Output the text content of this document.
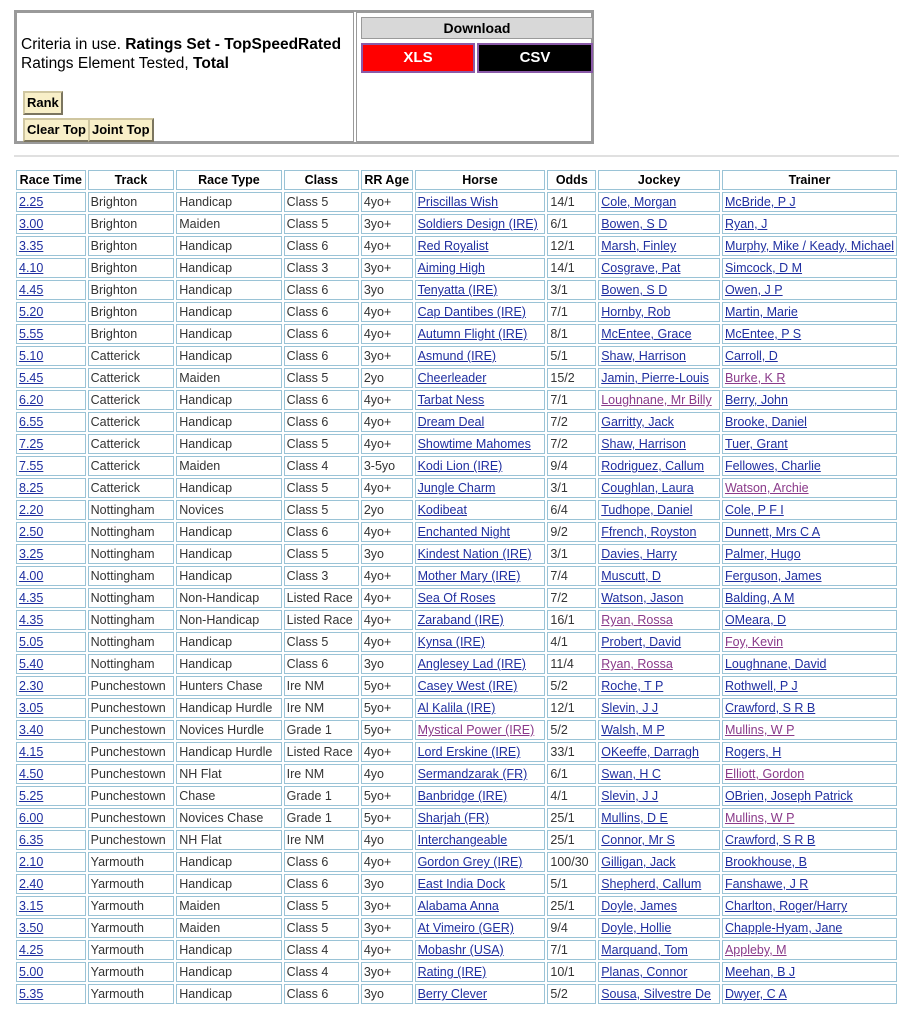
Criteria in use. Ratings Set - TopSpeedRated
Ratings Element Tested, Total
Rank
Clear Top Joint Top
Download
XLS	CSV
Race Time	Track	Race Type	Class	RR Age	Horse	Odds	Jockey	Trainer
2.25	Brighton	Handicap	Class 5	4yo+	Priscillas Wish	14/1	Cole, Morgan	McBride, P J
3.00	Brighton	Maiden	Class 5	3yo+	Soldiers Design (IRE)	6/1	Bowen, S D	Ryan, J
3.35	Brighton	Handicap	Class 6	4yo+	Red Royalist	12/1	Marsh, Finley	Murphy, Mike / Keady, Michael
4.10	Brighton	Handicap	Class 3	3yo+	Aiming High	14/1	Cosgrave, Pat	Simcock, D M
4.45	Brighton	Handicap	Class 6	3yo	Tenyatta (IRE)	3/1	Bowen, S D	Owen, J P
5.20	Brighton	Handicap	Class 6	4yo+	Cap Dantibes (IRE)	7/1	Hornby, Rob	Martin, Marie
5.55	Brighton	Handicap	Class 6	4yo+	Autumn Flight (IRE)	8/1	McEntee, Grace	McEntee, P S
5.10	Catterick	Handicap	Class 6	3yo+	Asmund (IRE)	5/1	Shaw, Harrison	Carroll, D
5.45	Catterick	Maiden	Class 5	2yo	Cheerleader	15/2	Jamin, Pierre-Louis	Burke, K R
6.20	Catterick	Handicap	Class 6	4yo+	Tarbat Ness	7/1	Loughnane, Mr Billy	Berry, John
6.55	Catterick	Handicap	Class 6	4yo+	Dream Deal	7/2	Garritty, Jack	Brooke, Daniel
7.25	Catterick	Handicap	Class 5	4yo+	Showtime Mahomes	7/2	Shaw, Harrison	Tuer, Grant
7.55	Catterick	Maiden	Class 4	3-5yo	Kodi Lion (IRE)	9/4	Rodriguez, Callum	Fellowes, Charlie
8.25	Catterick	Handicap	Class 5	4yo+	Jungle Charm	3/1	Coughlan, Laura	Watson, Archie
2.20	Nottingham	Novices	Class 5	2yo	Kodibeat	6/4	Tudhope, Daniel	Cole, P F I
2.50	Nottingham	Handicap	Class 6	4yo+	Enchanted Night	9/2	Ffrench, Royston	Dunnett, Mrs C A
3.25	Nottingham	Handicap	Class 5	3yo	Kindest Nation (IRE)	3/1	Davies, Harry	Palmer, Hugo
4.00	Nottingham	Handicap	Class 3	4yo+	Mother Mary (IRE)	7/4	Muscutt, D	Ferguson, James
4.35	Nottingham	Non-Handicap	Listed Race	4yo+	Sea Of Roses	7/2	Watson, Jason	Balding, A M
4.35	Nottingham	Non-Handicap	Listed Race	4yo+	Zaraband (IRE)	16/1	Ryan, Rossa	OMeara, D
5.05	Nottingham	Handicap	Class 5	4yo+	Kynsa (IRE)	4/1	Probert, David	Foy, Kevin
5.40	Nottingham	Handicap	Class 6	3yo	Anglesey Lad (IRE)	11/4	Ryan, Rossa	Loughnane, David
2.30	Punchestown	Hunters Chase	Ire NM	5yo+	Casey West (IRE)	5/2	Roche, T P	Rothwell, P J
3.05	Punchestown	Handicap Hurdle	Ire NM	5yo+	Al Kalila (IRE)	12/1	Slevin, J J	Crawford, S R B
3.40	Punchestown	Novices Hurdle	Grade 1	5yo+	Mystical Power (IRE)	5/2	Walsh, M P	Mullins, W P
4.15	Punchestown	Handicap Hurdle	Listed Race	4yo+	Lord Erskine (IRE)	33/1	OKeeffe, Darragh	Rogers, H
4.50	Punchestown	NH Flat	Ire NM	4yo	Sermandzarak (FR)	6/1	Swan, H C	Elliott, Gordon
5.25	Punchestown	Chase	Grade 1	5yo+	Banbridge (IRE)	4/1	Slevin, J J	OBrien, Joseph Patrick
6.00	Punchestown	Novices Chase	Grade 1	5yo+	Sharjah (FR)	25/1	Mullins, D E	Mullins, W P
6.35	Punchestown	NH Flat	Ire NM	4yo	Interchangeable	25/1	Connor, Mr S	Crawford, S R B
2.10	Yarmouth	Handicap	Class 6	4yo+	Gordon Grey (IRE)	100/30	Gilligan, Jack	Brookhouse, B
2.40	Yarmouth	Handicap	Class 6	3yo	East India Dock	5/1	Shepherd, Callum	Fanshawe, J R
3.15	Yarmouth	Maiden	Class 5	3yo+	Alabama Anna	25/1	Doyle, James	Charlton, Roger/Harry
3.50	Yarmouth	Maiden	Class 5	3yo+	At Vimeiro (GER)	9/4	Doyle, Hollie	Chapple-Hyam, Jane
4.25	Yarmouth	Handicap	Class 4	4yo+	Mobashr (USA)	7/1	Marquand, Tom	Appleby, M
5.00	Yarmouth	Handicap	Class 4	3yo+	Rating (IRE)	10/1	Planas, Connor	Meehan, B J
5.35	Yarmouth	Handicap	Class 6	3yo	Berry Clever	5/2	Sousa, Silvestre De	Dwyer, C A
